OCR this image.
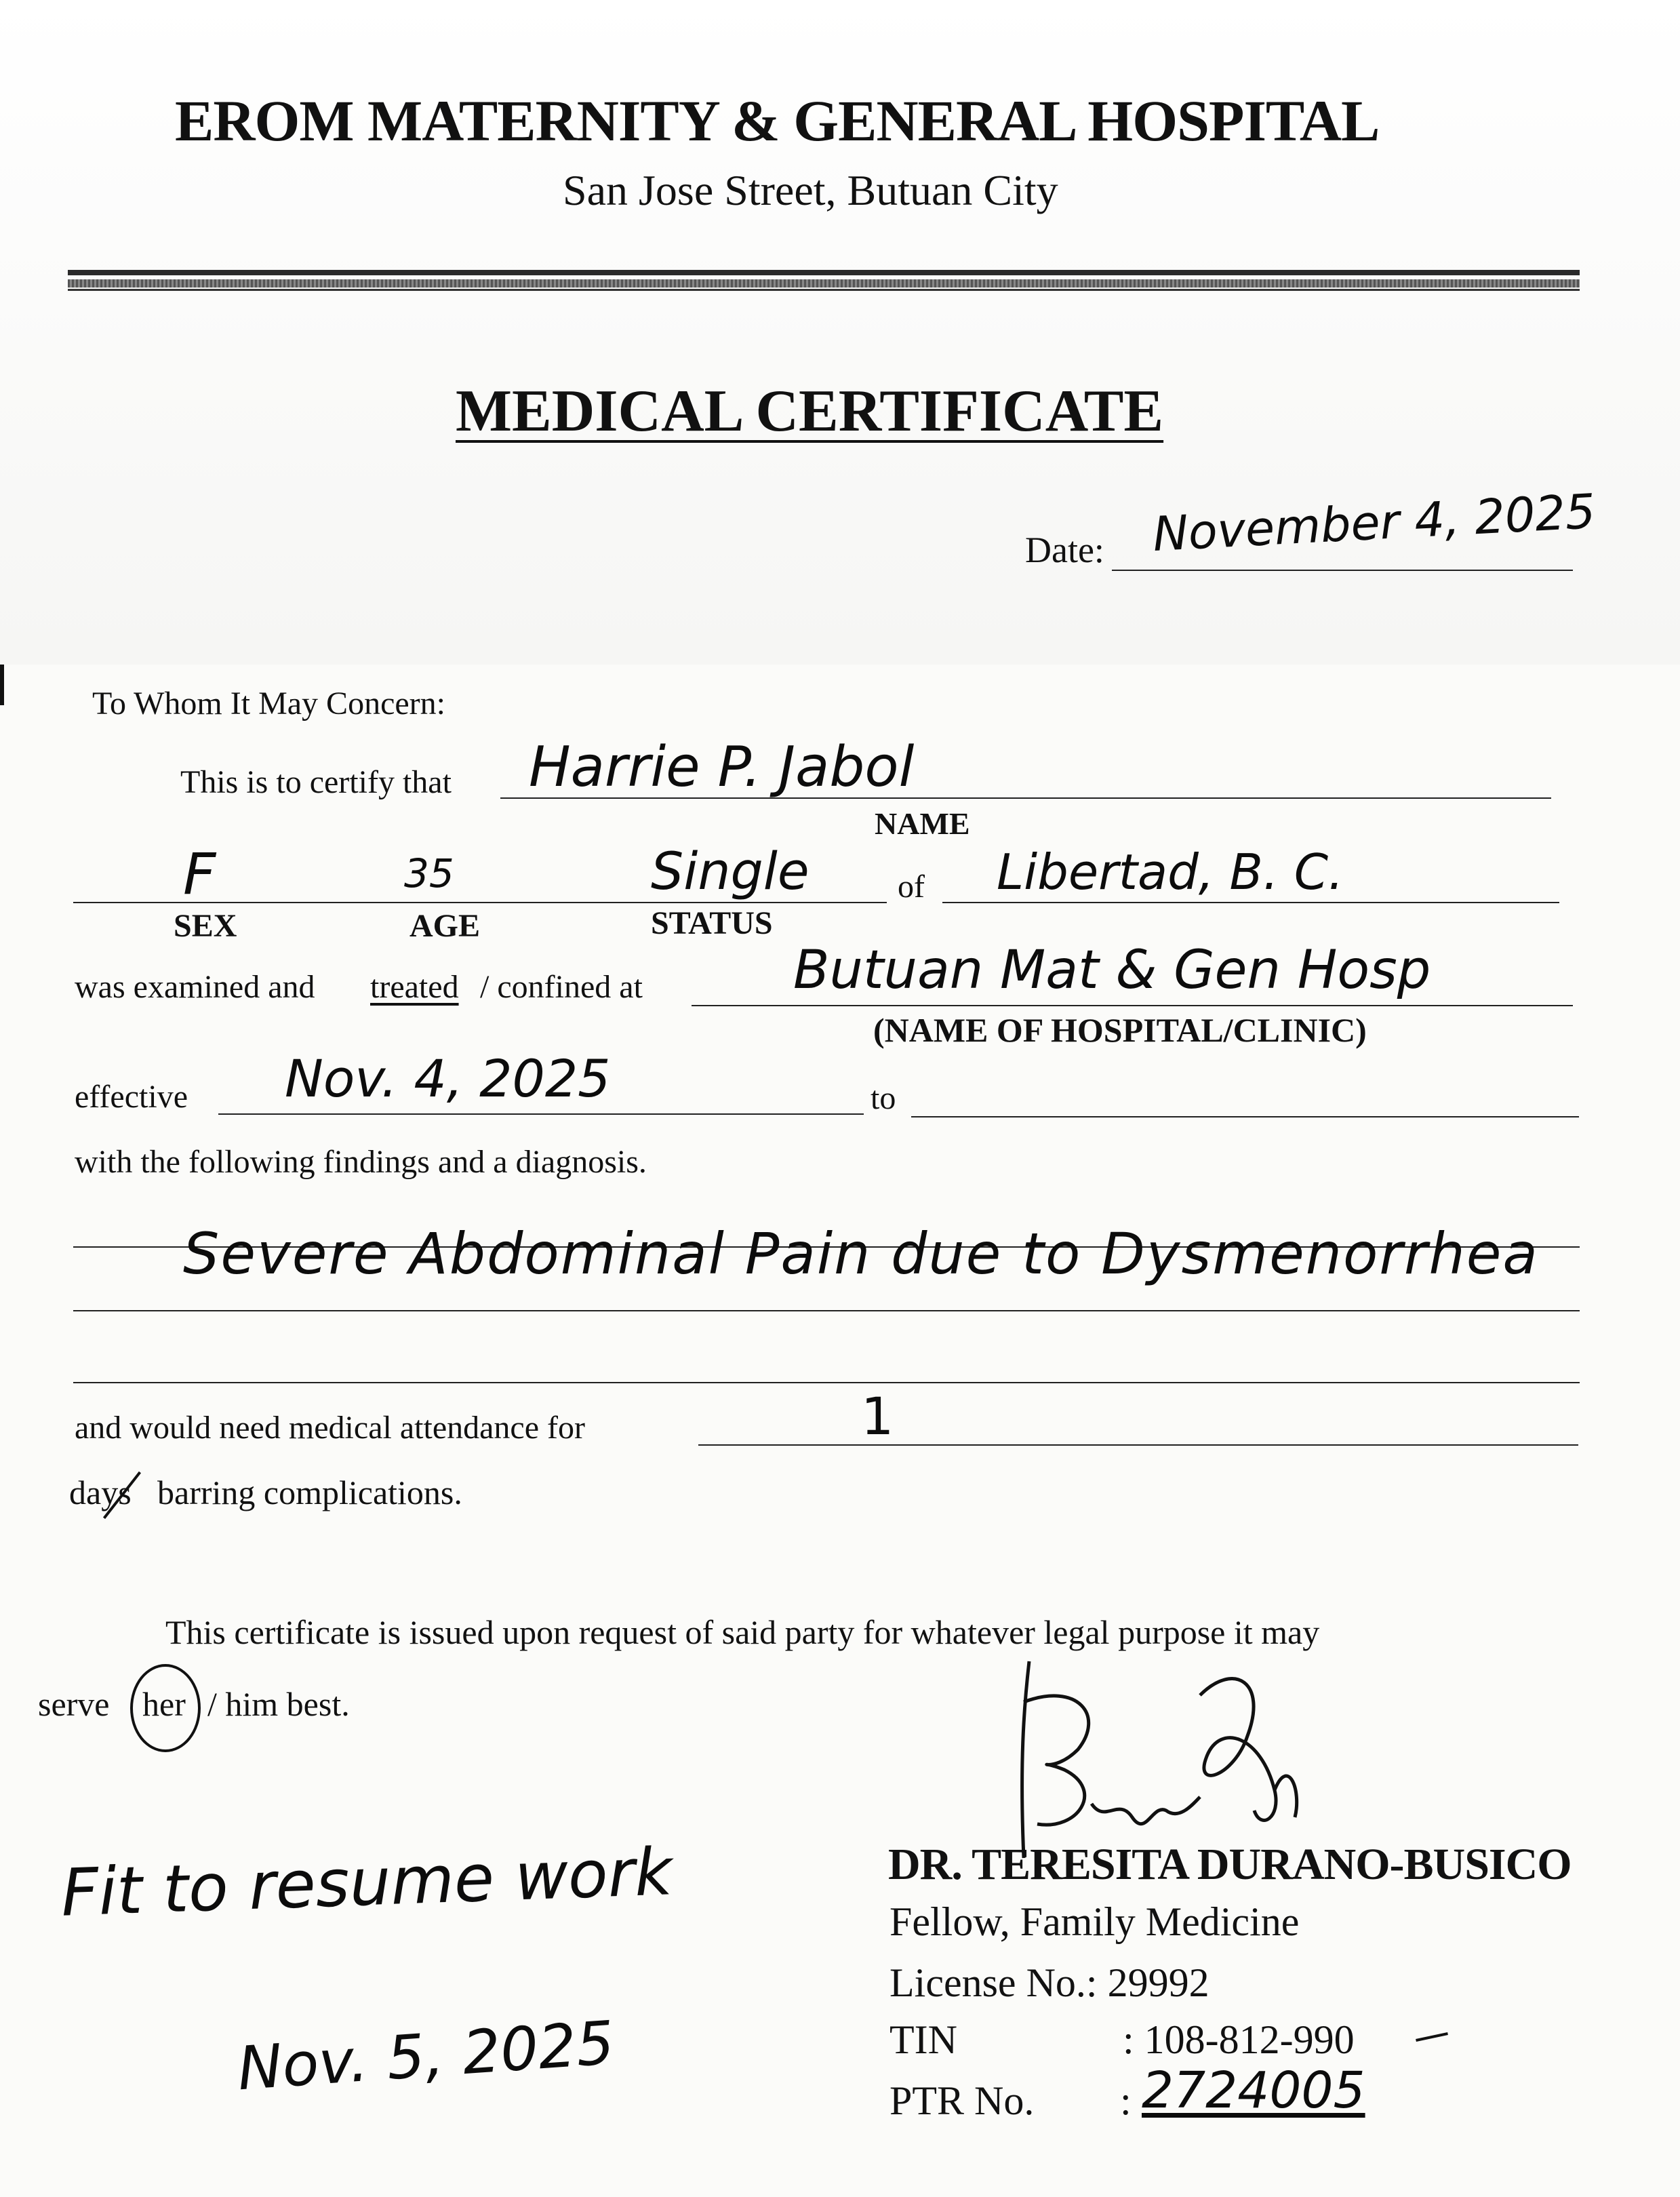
EROM MATERNITY & GENERAL HOSPITAL
San Jose Street, Butuan City
MEDICAL CERTIFICATE
Date: November 4, 2025
To Whom It May Concern:
This is to certify that Harrie P. Jabol
NAME
F	35	Single
SEX	AGE	STATUS
of Libertad, B. C.
was examined and treated / confined at	Butuan Mat & Gen Hosp
(NAME OF HOSPITAL/CLINIC)
effective Nov. 4, 2025	to
with the following findings and a diagnosis.
Severe Abdominal Pain due to Dysmenorrhea
and would need medical attendance for	1
days barring complications.
This certificate is issued upon request of said party for whatever legal purpose it may
serve her / him best.
Fit to resume work
Nov. 5, 2025
DR. TERESITA DURANO-BUSICO
Fellow, Family Medicine
License No.: 29992
TIN	: 108-812-990
PTR No. : 2724005
